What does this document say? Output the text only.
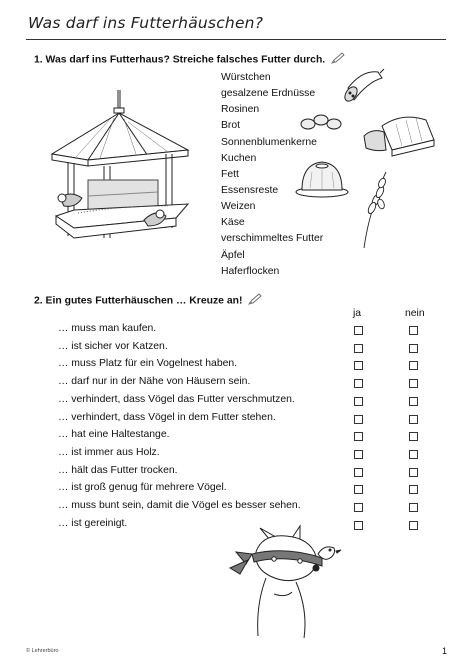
Was darf ins Futterhäuschen?
1. Was darf ins Futterhaus? Streiche falsches Futter durch.
Würstchen
gesalzene Erdnüsse
Rosinen
Brot
Sonnenblumenkerne
Kuchen
Fett
Essensreste
Weizen
Käse
verschimmeltes Futter
Äpfel
Haferflocken
2. Ein gutes Futterhäuschen … Kreuze an!
ja	nein
… muss man kaufen.
… ist sicher vor Katzen.
… muss Platz für ein Vogelnest haben.
… darf nur in der Nähe von Häusern sein.
… verhindert, dass Vögel das Futter verschmutzen.
… verhindert, dass Vögel in dem Futter stehen.
… hat eine Haltestange.
… ist immer aus Holz.
… hält das Futter trocken.
… ist groß genug für mehrere Vögel.
… muss bunt sein, damit die Vögel es besser sehen.
… ist gereinigt.
© Lehrerbüro	1
